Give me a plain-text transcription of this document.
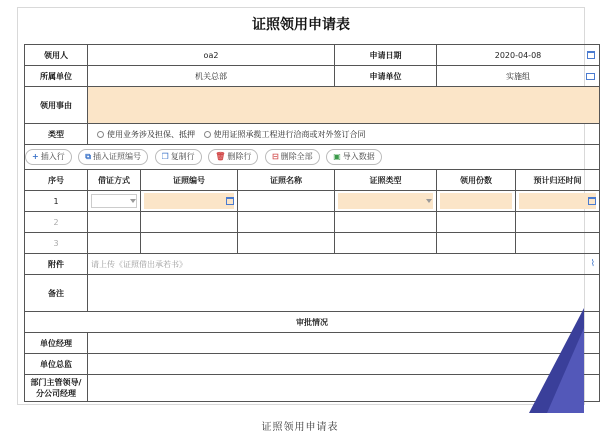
证照领用申请表
领用人	oa2			申请日期	2020-04-08	

所属单位	机关总部			申请单位	实施组	

领用事由						
类型	使用业务涉及担保、抵押 使用证照承揽工程进行洽商或对外签订合同					
+ 插入行 ⧉ 插入证照编号 ❐ 复制行 🗑 删除行 ⊟ 删除全部 ▣ 导入数据						
序号	借证方式	证照编号	证照名称	证照类型	领用份数	预计归还时间
1	

2						
3						
附件	请上传《证照借出承若书》 ⌇					

备注						
审批情况						
单位经理						
单位总监						
部门主管领导/
分公司经理						
证照领用申请表
